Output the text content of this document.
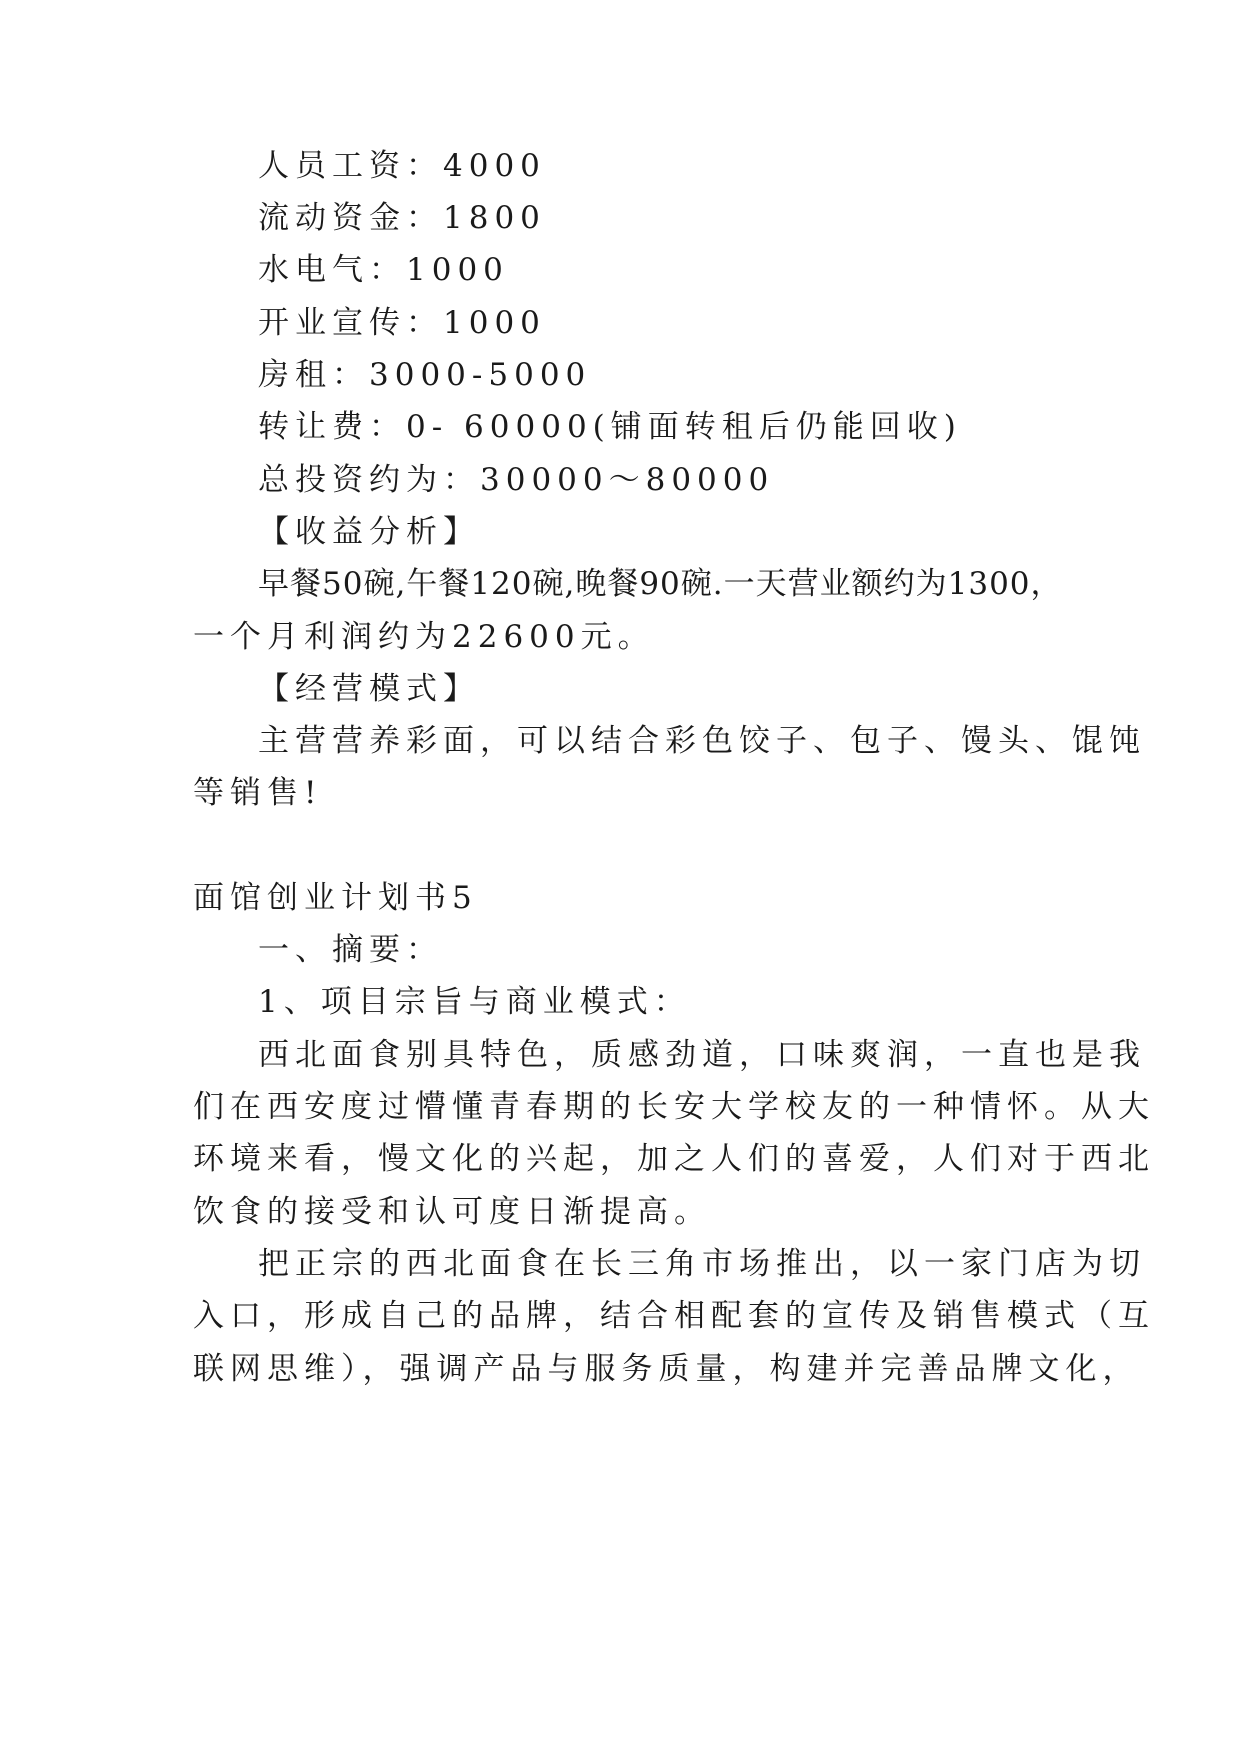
人员工资：4000
流动资金：1800
水电气：1000
开业宣传：1000
房租：3000-5000
转让费：0- 60000(铺面转租后仍能回收)
总投资约为：30000～80000
【收益分析】
早餐50碗,午餐120碗,晚餐90碗.一天营业额约为1300，
一个月利润约为22600元。
【经营模式】
主营营养彩面，可以结合彩色饺子、包子、馒头、馄饨
等销售!
面馆创业计划书5
一、摘要：
1、项目宗旨与商业模式：
西北面食别具特色，质感劲道，口味爽润，一直也是我
们在西安度过懵懂青春期的长安大学校友的一种情怀。从大
环境来看，慢文化的兴起，加之人们的喜爱，人们对于西北
饮食的接受和认可度日渐提高。
把正宗的西北面食在长三角市场推出，以一家门店为切
入口，形成自己的品牌，结合相配套的宣传及销售模式（互
联网思维），强调产品与服务质量，构建并完善品牌文化，
